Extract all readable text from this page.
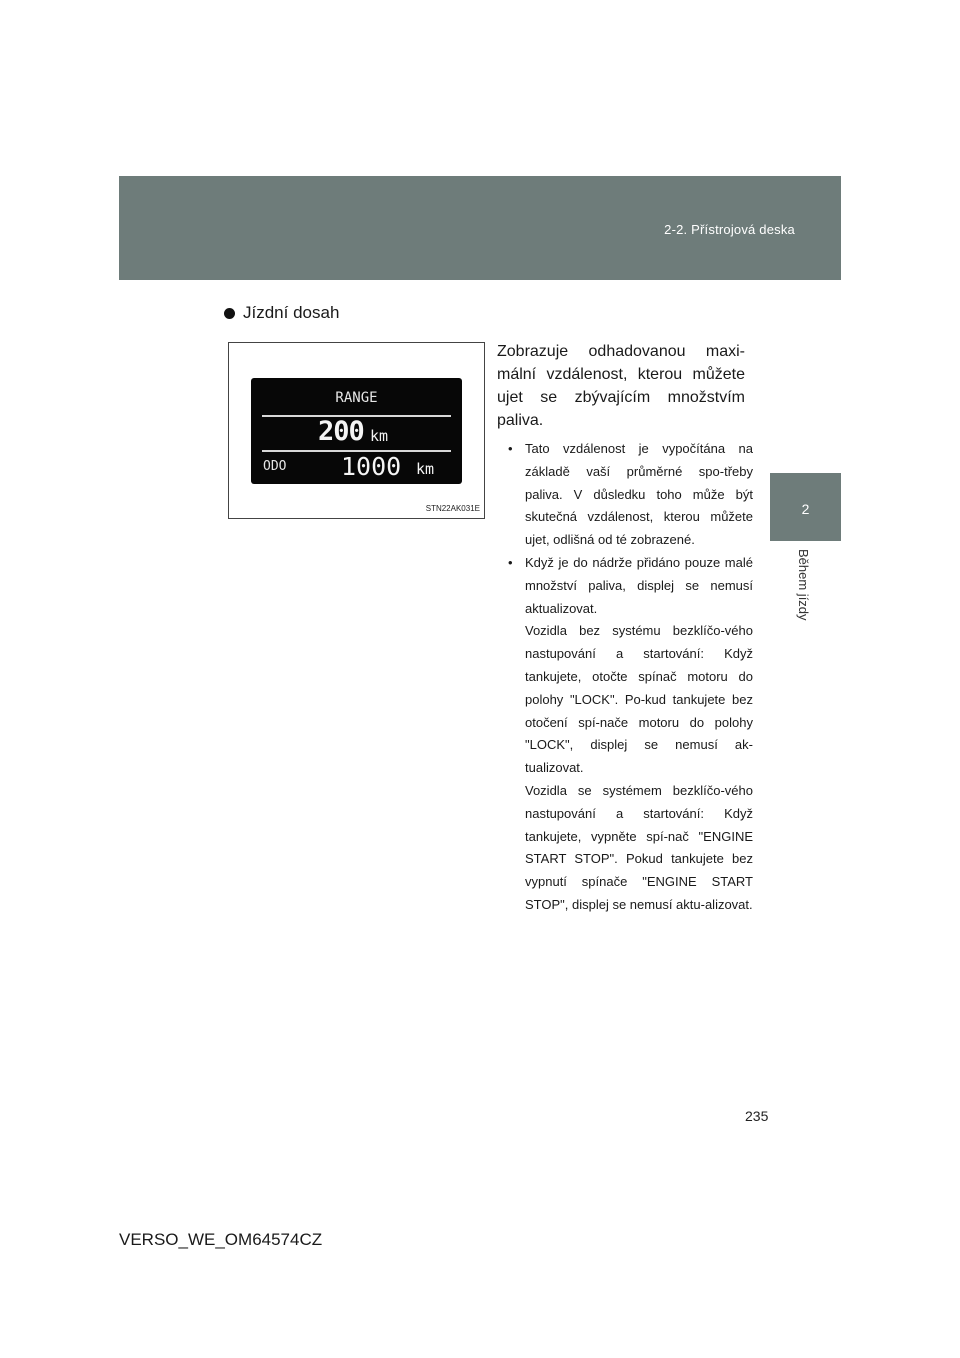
2-2. Přístrojová deska
2
Během jízdy
Jízdní dosah
RANGE
200 km
ODO 1000 km
STN22AK031E
Zobrazuje odhadovanou maxi-mální vzdálenost, kterou můžete ujet se zbývajícím množstvím paliva.
• Tato vzdálenost je vypočítána na základě vaší průměrné spo-třeby paliva. V důsledku toho může být skutečná vzdálenost, kterou můžete ujet, odlišná od té zobrazené.
• Když je do nádrže přidáno pouze malé množství paliva, displej se nemusí aktualizovat.
Vozidla bez systému bezklíčo-vého nastupování a startování: Když tankujete, otočte spínač motoru do polohy "LOCK". Po-kud tankujete bez otočení spí-nače motoru do polohy "LOCK", displej se nemusí ak-tualizovat.
Vozidla se systémem bezklíčo-vého nastupování a startování: Když tankujete, vypněte spí-nač "ENGINE START STOP". Pokud tankujete bez vypnutí spínače "ENGINE START STOP", displej se nemusí aktu-alizovat.
235
VERSO_WE_OM64574CZ
